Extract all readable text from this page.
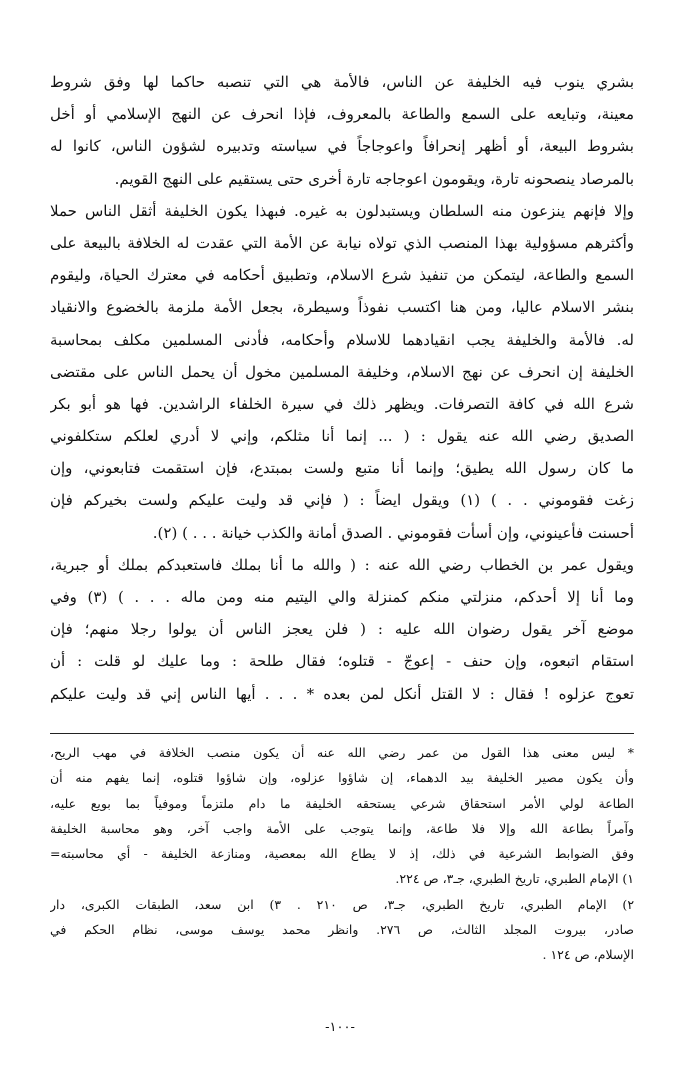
بشري ينوب فيه الخليفة عن الناس، فالأمة هي التي تنصبه حاكما لها وفق شروط
معينة، وتبايعه على السمع والطاعة بالمعروف، فإذا انحرف عن النهج الإسلامي أو أخل
بشروط البيعة، أو أظهر إنحرافاً واعوجاجاً في سياسته وتدبيره لشؤون الناس، كانوا له
بالمرصاد ينصحونه تارة، ويقومون اعوجاجه تارة أخرى حتى يستقيم على النهج القويم.
وإلا فإنهم ينزعون منه السلطان ويستبدلون به غيره. فبهذا يكون الخليفة أثقل الناس حملا
وأكثرهم مسؤولية بهذا المنصب الذي تولاه نيابة عن الأمة التي عقدت له الخلافة بالبيعة على
السمع والطاعة، ليتمكن من تنفيذ شرع الاسلام، وتطبيق أحكامه في معترك الحياة، وليقوم
بنشر الاسلام عاليا، ومن هنا اكتسب نفوذاً وسيطرة، بجعل الأمة ملزمة بالخضوع والانقياد
له. فالأمة والخليفة يجب انقيادهما للاسلام وأحكامه، فأدنى المسلمين مكلف بمحاسبة
الخليفة إن انحرف عن نهج الاسلام، وخليفة المسلمين مخول أن يحمل الناس على مقتضى
شرع الله في كافة التصرفات. ويظهر ذلك في سيرة الخلفاء الراشدين. فها هو أبو بكر
الصديق رضي الله عنه يقول : ( ... إنما أنا مثلكم، وإني لا أدري لعلكم ستكلفوني
ما كان رسول الله يطيق؛ وإنما أنا متبع ولست بمبتدع، فإن استقمت فتابعوني، وإن
زغت فقوموني . . ) (١) ويقول ايضاً : ( فإني قد وليت عليكم ولست بخيركم فإن
أحسنت فأعينوني، وإن أسأت فقوموني . الصدق أمانة والكذب خيانة . . . ) (٢).
ويقول عمر بن الخطاب رضي الله عنه : ( والله ما أنا بملك فاستعبدكم بملك أو جبرية،
وما أنا إلا أحدكم، منزلتي منكم كمنزلة والي اليتيم منه ومن ماله . . . ) (٣) وفي
موضع آخر يقول رضوان الله عليه : ( فلن يعجز الناس أن يولوا رجلا منهم؛ فإن
استقام اتبعوه، وإن حنف - إعوجّ - قتلوه؛ فقال طلحة : وما عليك لو قلت : أن
تعوج عزلوه ! فقال : لا القتل أنكل لمن بعده * . . . أيها الناس إني قد وليت عليكم
* ليس معنى هذا القول من عمر رضي الله عنه أن يكون منصب الخلافة في مهب الريح،
وأن يكون مصير الخليفة بيد الدهماء، إن شاؤوا عزلوه، وإن شاؤوا قتلوه، إنما يفهم منه أن
الطاعة لولي الأمر استحقاق شرعي يستحقه الخليفة ما دام ملتزماً وموفياً بما بويع عليه،
وآمراً بطاعة الله وإلا فلا طاعة، وإنما يتوجب على الأمة واجب آخر، وهو محاسبة الخليفة
وفق الضوابط الشرعية في ذلك، إذ لا يطاع الله بمعصية، ومنازعة الخليفة - أي محاسبته=
١) الإمام الطبري، تاريخ الطبري، جـ٣، ص ٢٢٤.
٢) الإمام الطبري، تاريخ الطبري، جـ٣، ص ٢١٠ . ٣) ابن سعد، الطبقات الكبرى، دار
صادر، بيروت المجلد الثالث، ص ٢٧٦. وانظر محمد يوسف موسى، نظام الحكم في
الإسلام، ص ١٢٤ .
-١٠٠-
